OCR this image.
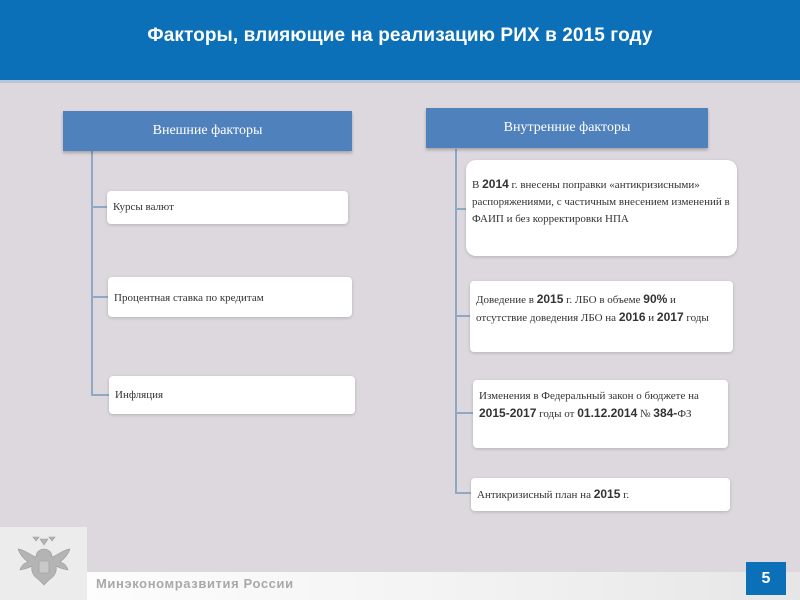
Факторы, влияющие на реализацию РИХ в 2015 году
Внешние факторы
Курсы валют
Процентная ставка по кредитам
Инфляция
Внутренние факторы
В 2014 г. внесены поправки «антикризисными» распоряжениями, с частичным внесением изменений в ФАИП и без корректировки НПА
Доведение в 2015 г. ЛБО в объеме 90% и отсутствие доведения ЛБО на 2016 и 2017 годы
Изменения в Федеральный закон о бюджете на 2015-2017 годы от 01.12.2014 № 384-ФЗ
Антикризисный план на 2015 г.
Минэкономразвития России	5
